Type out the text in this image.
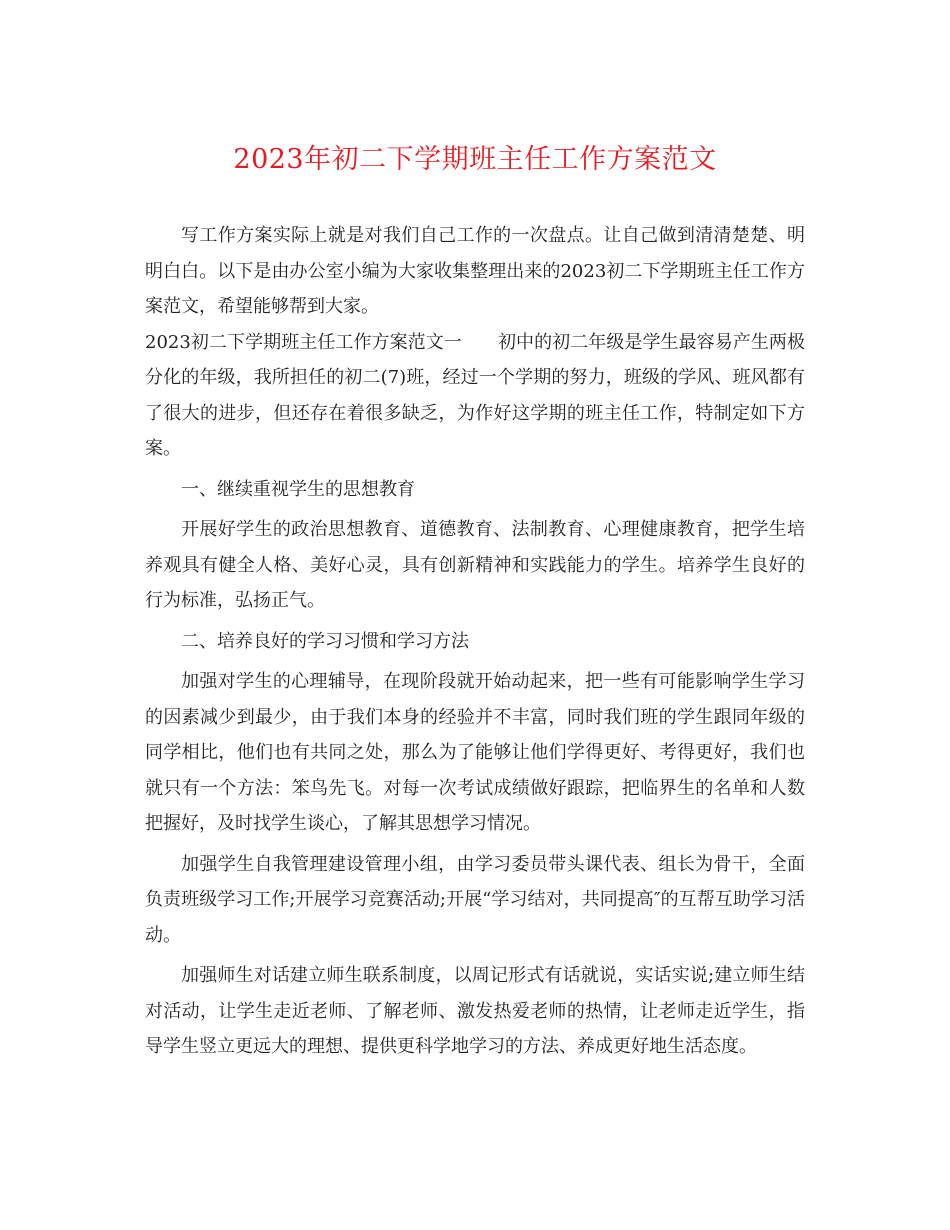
2023年初二下学期班主任工作方案范文

写工作方案实际上就是对我们自己工作的一次盘点。让自己做到清清楚楚、明明白白。以下是由办公室小编为大家收集整理出来的2023初二下学期班主任工作方案范文，希望能够帮到大家。

2023初二下学期班主任工作方案范文一　　初中的初二年级是学生最容易产生两极分化的年级，我所担任的初二(7)班，经过一个学期的努力，班级的学风、班风都有了很大的进步，但还存在着很多缺乏，为作好这学期的班主任工作，特制定如下方案。

一、继续重视学生的思想教育

开展好学生的政治思想教育、道德教育、法制教育、心理健康教育，把学生培养观具有健全人格、美好心灵，具有创新精神和实践能力的学生。培养学生良好的行为标准，弘扬正气。

二、培养良好的学习习惯和学习方法

加强对学生的心理辅导，在现阶段就开始动起来，把一些有可能影响学生学习的因素减少到最少，由于我们本身的经验并不丰富，同时我们班的学生跟同年级的同学相比，他们也有共同之处，那么为了能够让他们学得更好、考得更好，我们也就只有一个方法：笨鸟先飞。对每一次考试成绩做好跟踪，把临界生的名单和人数把握好，及时找学生谈心，了解其思想学习情况。

加强学生自我管理建设管理小组，由学习委员带头课代表、组长为骨干，全面负责班级学习工作;开展学习竞赛活动;开展“学习结对，共同提高″的互帮互助学习活动。

加强师生对话建立师生联系制度，以周记形式有话就说，实话实说;建立师生结对活动，让学生走近老师、了解老师、激发热爱老师的热情，让老师走近学生，指导学生竖立更远大的理想、提供更科学地学习的方法、养成更好地生活态度。
